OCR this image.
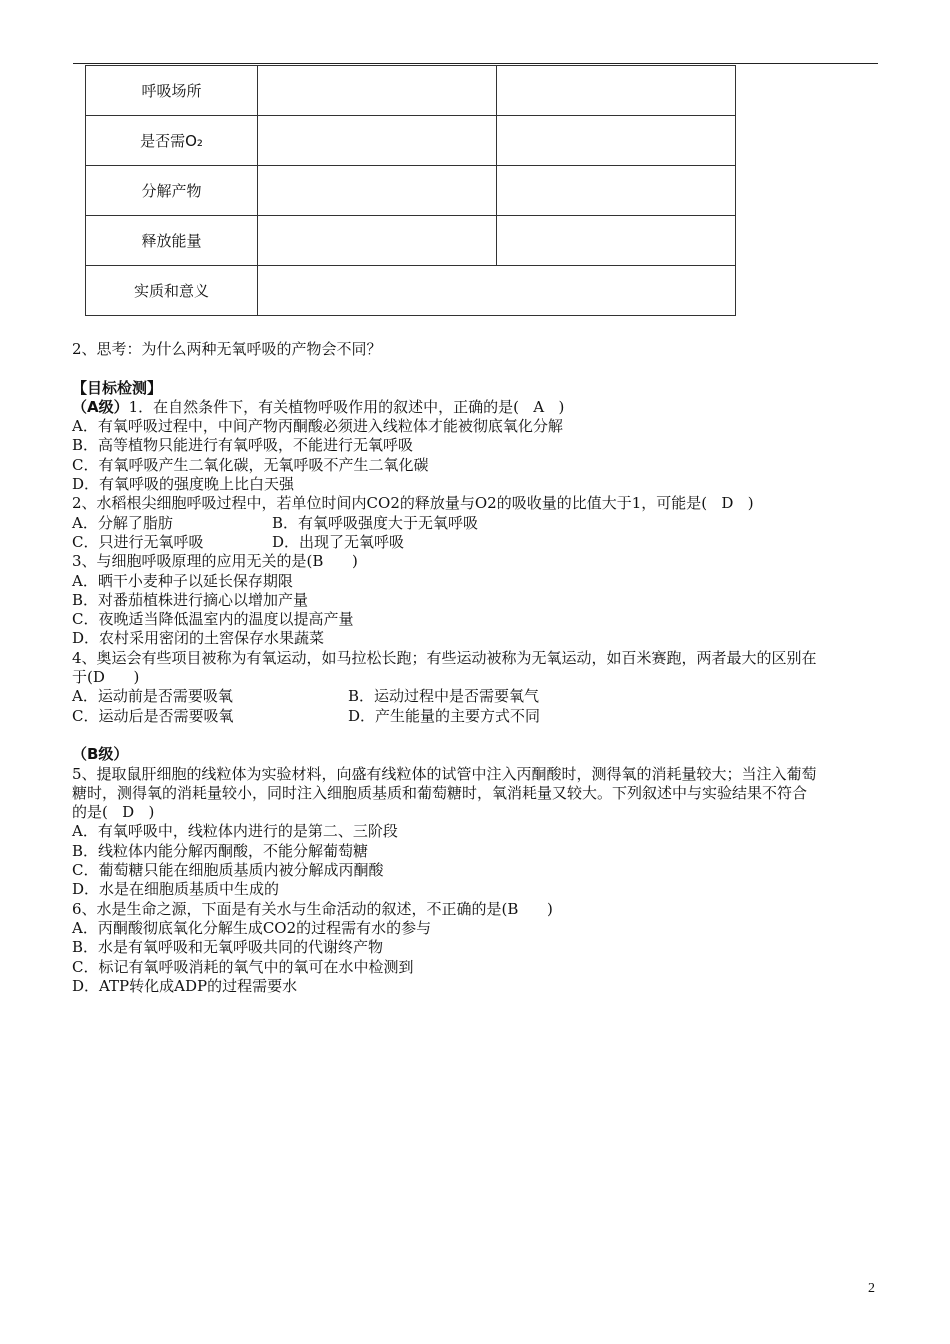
呼吸场所		
是否需O₂		
分解产物		
释放能量		
实质和意义		

2、思考：为什么两种无氧呼吸的产物会不同？

【目标检测】

（A级）1．在自然条件下，有关植物呼吸作用的叙述中，正确的是(   A   )

A．有氧呼吸过程中，中间产物丙酮酸必须进入线粒体才能被彻底氧化分解

B．高等植物只能进行有氧呼吸，不能进行无氧呼吸

C．有氧呼吸产生二氧化碳，无氧呼吸不产生二氧化碳

D．有氧呼吸的强度晚上比白天强

2、水稻根尖细胞呼吸过程中，若单位时间内CO2的释放量与O2的吸收量的比值大于1，可能是(   D   )

A．分解了脂肪	B．有氧呼吸强度大于无氧呼吸
C．只进行无氧呼吸	D．出现了无氧呼吸

3、与细胞呼吸原理的应用无关的是(B      )

A．晒干小麦种子以延长保存期限

B．对番茄植株进行摘心以增加产量

C．夜晚适当降低温室内的温度以提高产量

D．农村采用密闭的土窖保存水果蔬菜

4、奥运会有些项目被称为有氧运动，如马拉松长跑；有些运动被称为无氧运动，如百米赛跑，两者最大的区别在

于(D      )

A．运动前是否需要吸氧	B．运动过程中是否需要氧气
C．运动后是否需要吸氧	D．产生能量的主要方式不同

（B级）

5、提取鼠肝细胞的线粒体为实验材料，向盛有线粒体的试管中注入丙酮酸时，测得氧的消耗量较大；当注入葡萄

糖时，测得氧的消耗量较小，同时注入细胞质基质和葡萄糖时，氧消耗量又较大。下列叙述中与实验结果不符合

的是(   D   )

A．有氧呼吸中，线粒体内进行的是第二、三阶段

B．线粒体内能分解丙酮酸，不能分解葡萄糖

C．葡萄糖只能在细胞质基质内被分解成丙酮酸

D．水是在细胞质基质中生成的

6、水是生命之源，下面是有关水与生命活动的叙述，不正确的是(B      )

A．丙酮酸彻底氧化分解生成CO2的过程需有水的参与

B．水是有氧呼吸和无氧呼吸共同的代谢终产物

C．标记有氧呼吸消耗的氧气中的氧可在水中检测到

D．ATP转化成ADP的过程需要水

2
